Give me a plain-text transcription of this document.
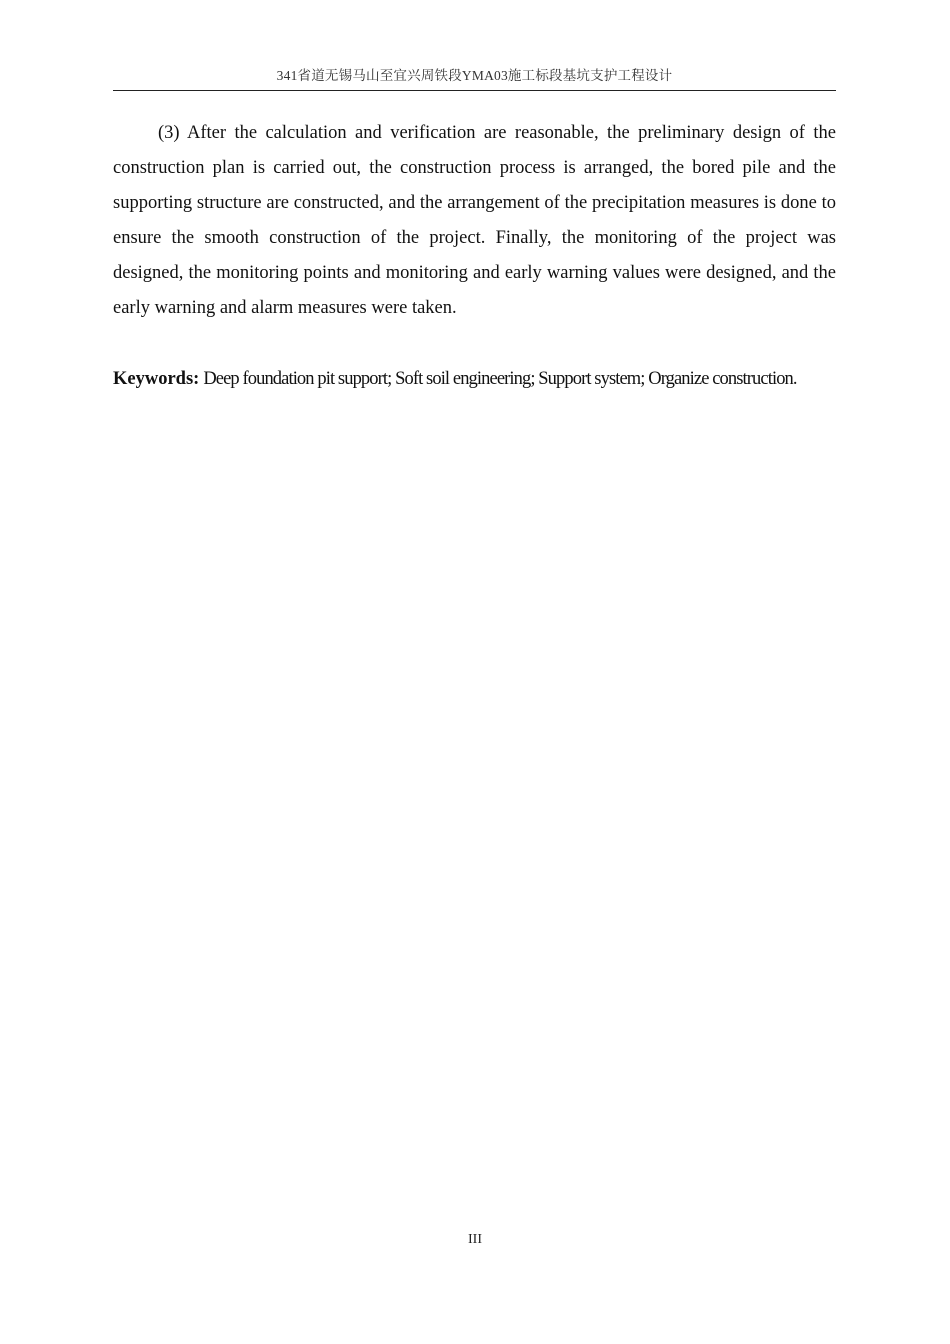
341省道无锡马山至宜兴周铁段YMA03施工标段基坑支护工程设计

(3) After the calculation and verification are reasonable, the preliminary design of the construction plan is carried out, the construction process is arranged, the bored pile and the supporting structure are constructed, and the arrangement of the precipitation measures is done to ensure the smooth construction of the project. Finally, the monitoring of the project was designed, the monitoring points and monitoring and early warning values were designed, and the early warning and alarm measures were taken.

Keywords: Deep foundation pit support; Soft soil engineering; Support system; Organize construction.

III
